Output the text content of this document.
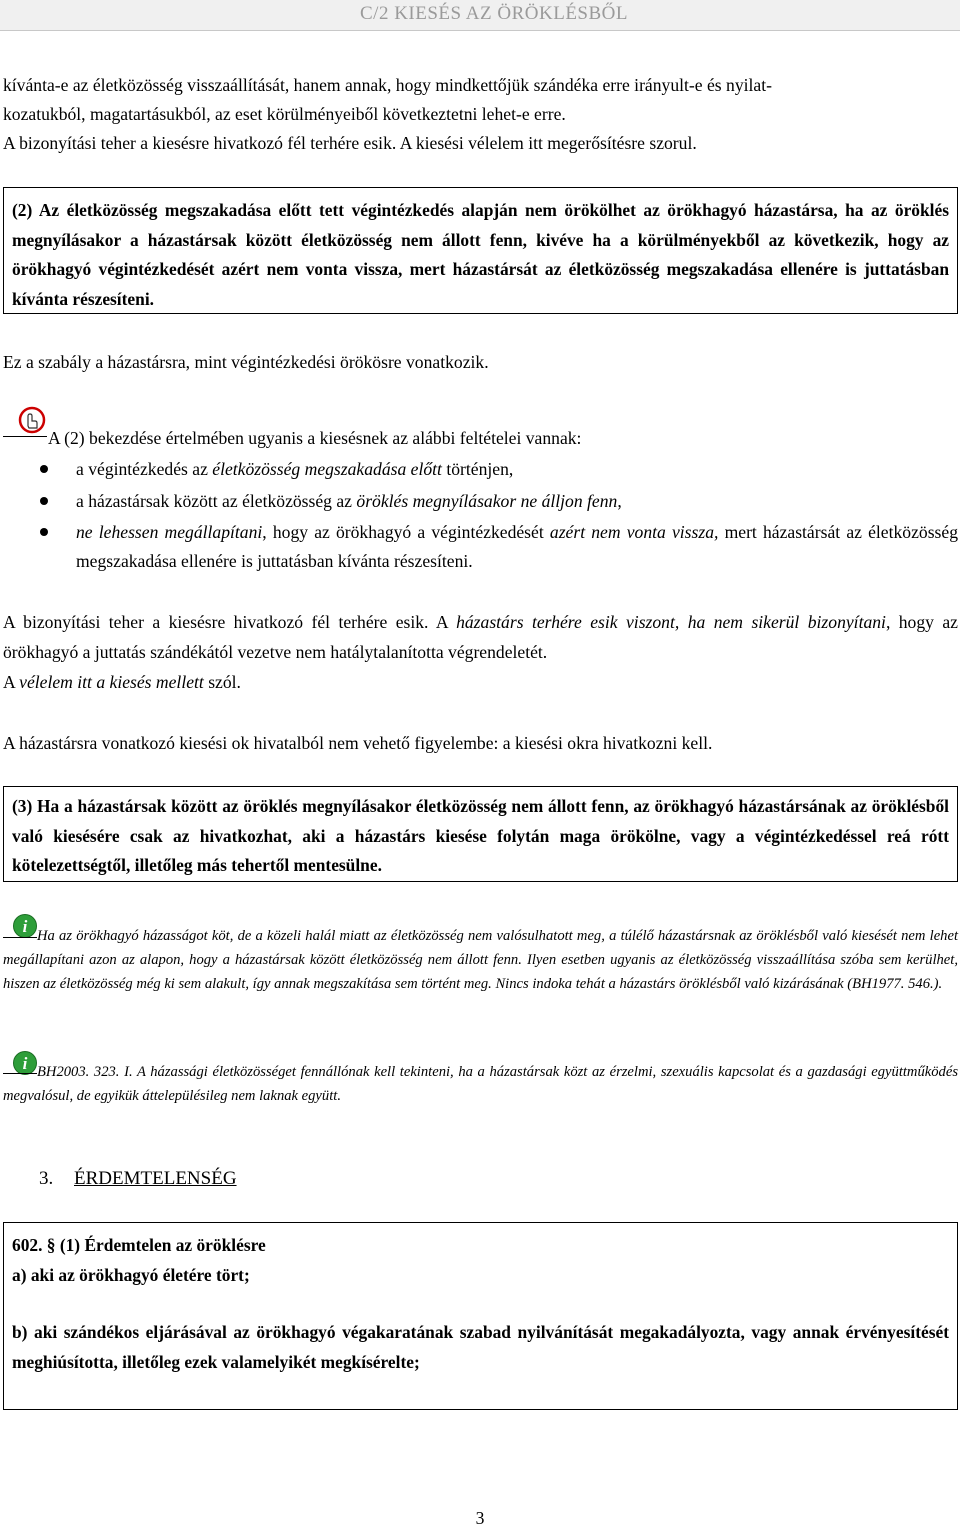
C/2 KIESÉS AZ ÖRÖKLÉSBŐL
kívánta-e az életközösség visszaállítását, hanem annak, hogy mindkettőjük szándéka erre irányult-e és nyilat-
kozatukból, magatartásukból, az eset körülményeiből következtetni lehet-e erre.
A bizonyítási teher a kiesésre hivatkozó fél terhére esik. A kiesési vélelem itt megerősítésre szorul.

(2) Az életközösség megszakadása előtt tett végintézkedés alapján nem örökölhet az örökhagyó házastársa, ha az öröklés megnyílásakor a házastársak között életközösség nem állott fenn, kivéve ha a körülményekből az következik, hogy az örökhagyó végintézkedését azért nem vonta vissza, mert házastársát az életközösség megszakadása ellenére is juttatásban kívánta részesíteni.

Ez a szabály a házastársra, mint végintézkedési örökösre vonatkozik.
A (2) bekezdése értelmében ugyanis a kiesésnek az alábbi feltételei vannak:
a végintézkedés az életközösség megszakadása előtt történjen,
a házastársak között az életközösség az öröklés megnyílásakor ne álljon fenn,
ne lehessen megállapítani, hogy az örökhagyó a végintézkedését azért nem vonta vissza, mert házastársát az életközösség megszakadása ellenére is juttatásban kívánta részesíteni.
A bizonyítási teher a kiesésre hivatkozó fél terhére esik. A házastárs terhére esik viszont, ha nem sikerül bizonyítani, hogy az örökhagyó a juttatás szándékától vezetve nem hatálytalanította végrendeletét.
A vélelem itt a kiesés mellett szól.
A házastársra vonatkozó kiesési ok hivatalból nem vehető figyelembe: a kiesési okra hivatkozni kell.

(3) Ha a házastársak között az öröklés megnyílásakor életközösség nem állott fenn, az örökhagyó házastársának az öröklésből való kiesésére csak az hivatkozhat, aki a házastárs kiesése folytán maga örökölne, vagy a végintézkedéssel reá rótt kötelezettségtől, illetőleg más tehertől mentesülne.

i Ha az örökhagyó házasságot köt, de a közeli halál miatt az életközösség nem valósulhatott meg, a túlélő házastársnak az öröklésből való kiesését nem lehet megállapítani azon az alapon, hogy a házastársak között életközösség nem állott fenn. Ilyen esetben ugyanis az életközösség visszaállítása szóba sem kerülhet, hiszen az életközösség még ki sem alakult, így annak megszakítása sem történt meg. Nincs indoka tehát a házastárs öröklésből való kizárásának (BH1977. 546.).
i BH2003. 323. I. A házassági életközösséget fennállónak kell tekinteni, ha a házastársak közt az érzelmi, szexuális kapcsolat és a gazdasági együttműködés megvalósul, de egyikük áttelepülésileg nem laknak együtt.
3. ÉRDEMTELENSÉG

602. § (1) Érdemtelen az öröklésre

a) aki az örökhagyó életére tört;

b) aki szándékos eljárásával az örökhagyó végakaratának szabad nyilvánítását megakadályozta, vagy annak érvényesítését meghiúsította, illetőleg ezek valamelyikét megkísérelte;

3
